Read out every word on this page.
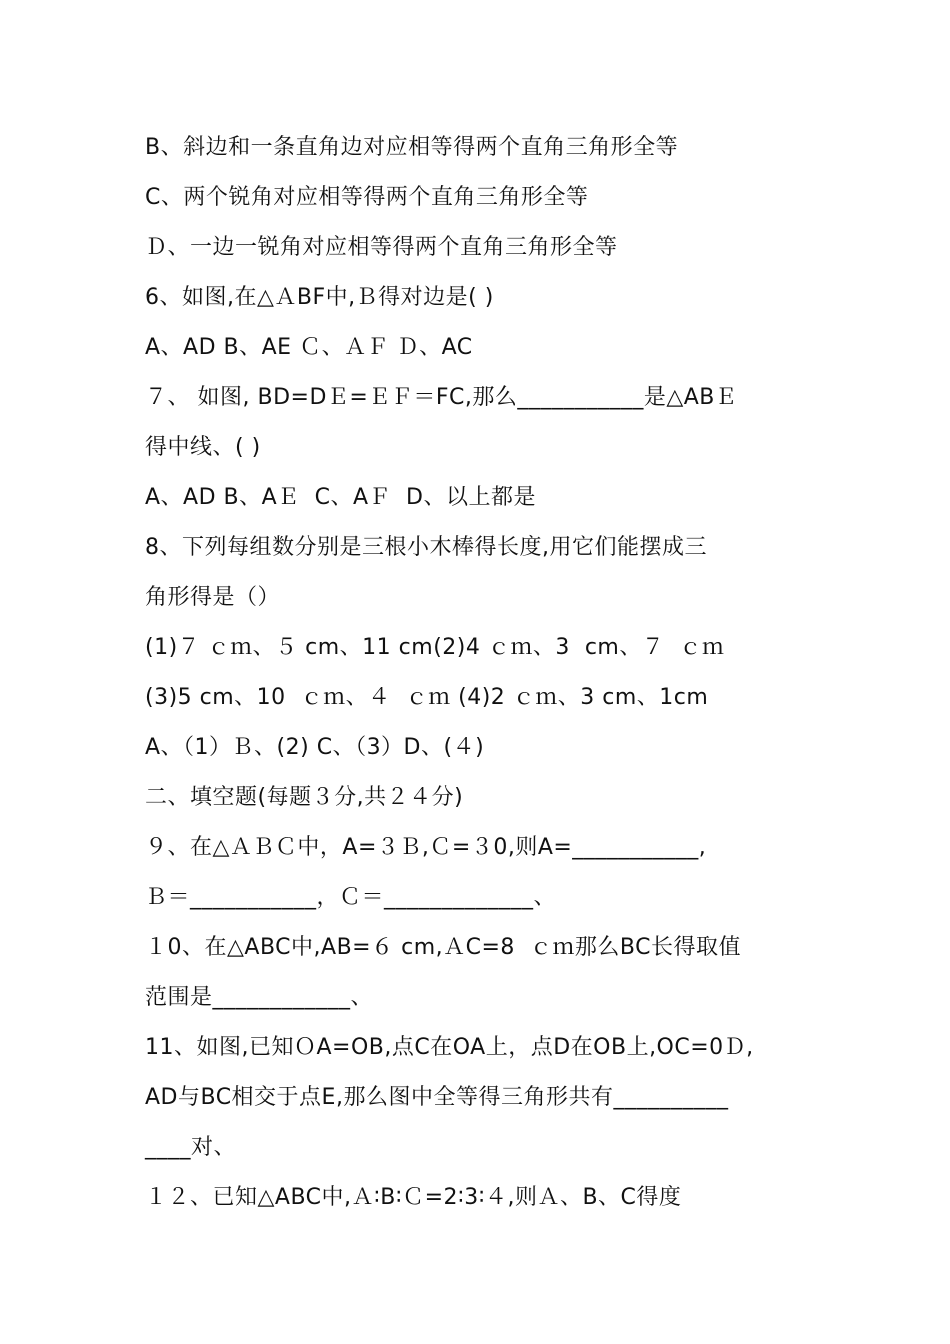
B、斜边和一条直角边对应相等得两个直角三角形全等
C、两个锐角对应相等得两个直角三角形全等
Ｄ、一边一锐角对应相等得两个直角三角形全等
6、如图,在△ＡBF中,Ｂ得对边是( )
A、AD B、AE Ｃ、ＡＦ Ｄ、AC
７、 如图, BD=DＥ=ＥＦ＝FC,那么___________是△ABＥ
得中线、( )
A、AD B、AＥ  C、AＦ  D、以上都是
8、下列每组数分别是三根小木棒得长度,用它们能摆成三
角形得是（）
(1)７ ｃｍ、５ cm、11 cm(2)4 ｃｍ、3  cm、７  ｃｍ
(3)5 cm、10  ｃｍ、４  ｃｍ (4)2 ｃｍ、3 cm、1cm
A、（1）Ｂ、(2) C、（3）D、(４)
二、填空题(每题３分,共２４分)
９、在△ＡＢＣ中，A=３Ｂ,Ｃ=３0,则A=___________,
Ｂ＝___________，Ｃ＝_____________、
１0、在△ABC中,AB=６ cm,ＡC=8  ｃｍ那么BC长得取值
范围是____________、
11、如图,已知ＯA=OB,点C在OA上，点D在OB上,OC=0Ｄ,
AD与BC相交于点E,那么图中全等得三角形共有__________
____对、
１２、已知△ABC中,Ａ∶B∶Ｃ=2∶3∶４,则Ａ、B、C得度
